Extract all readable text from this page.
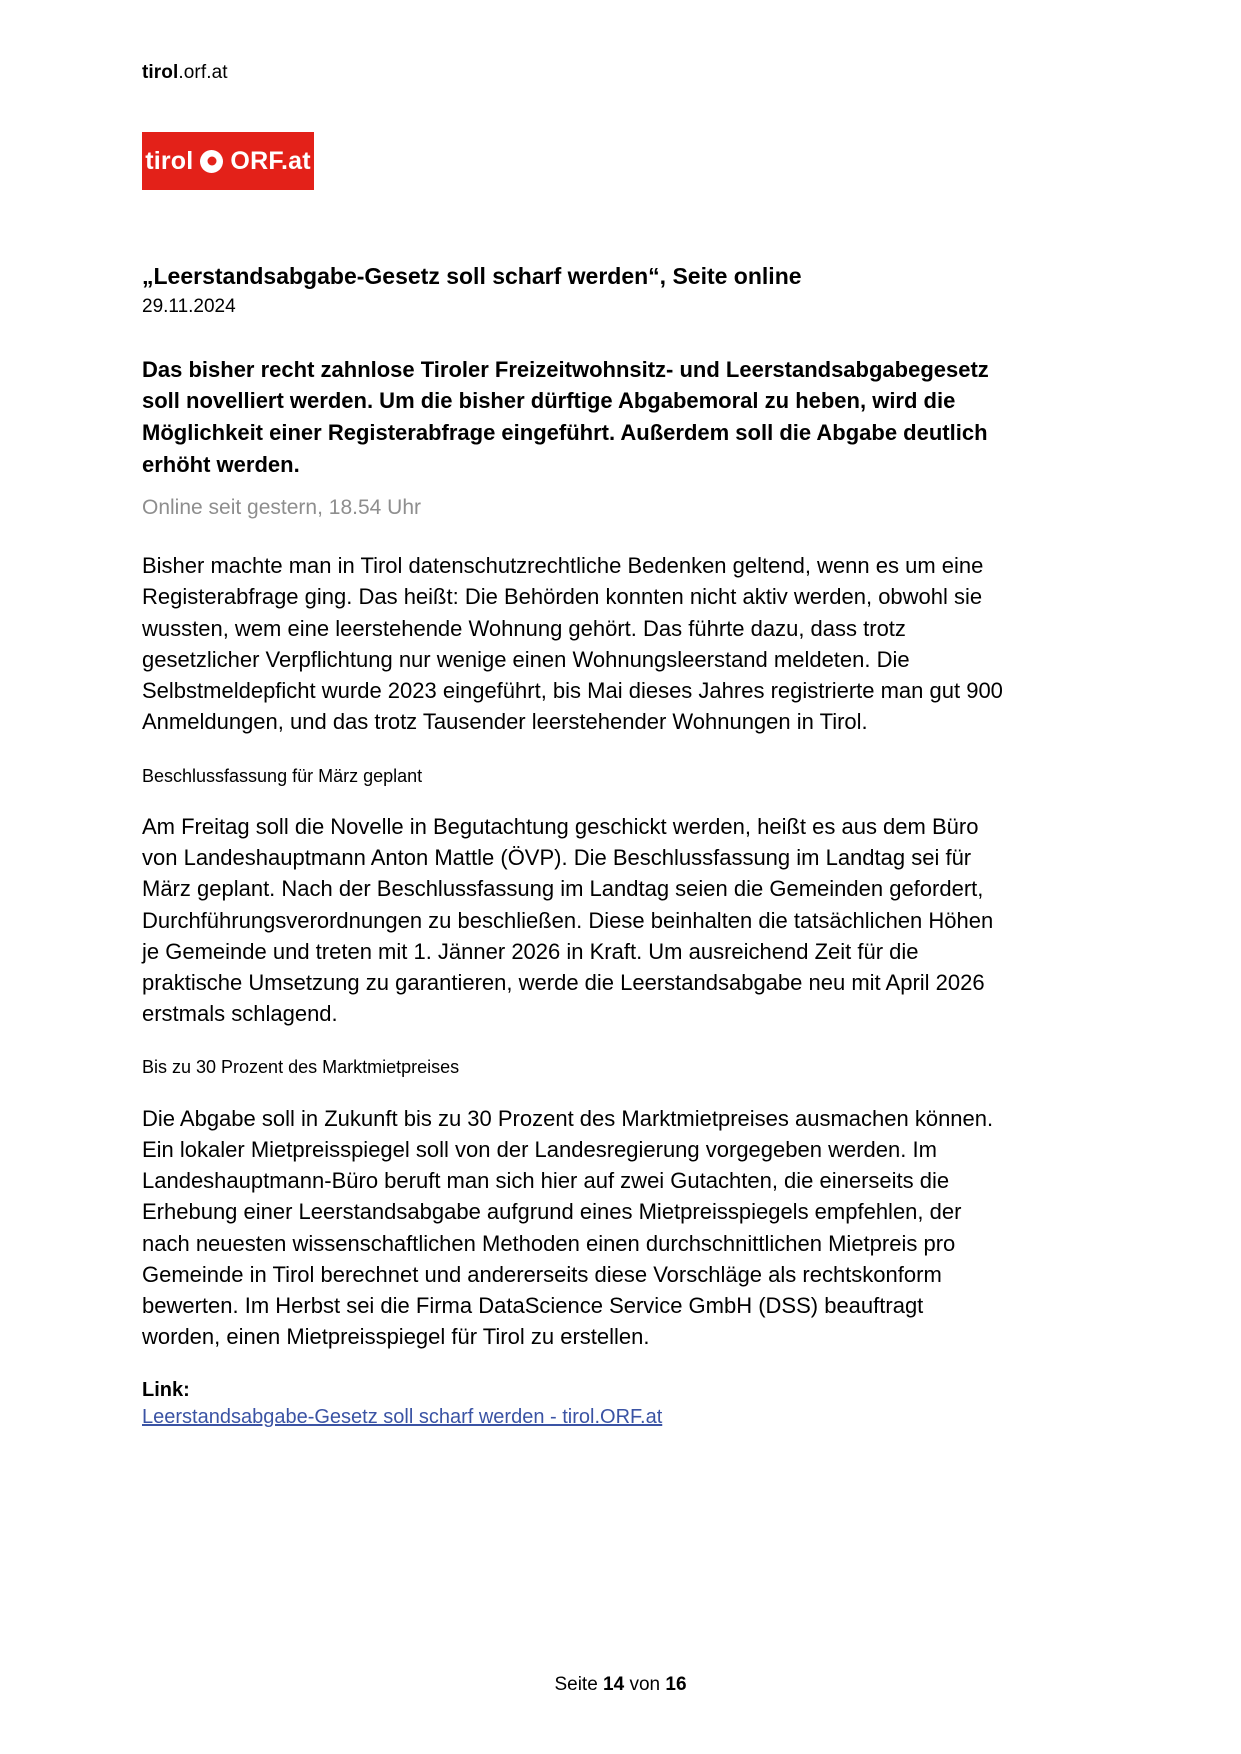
tirol.orf.at
tirol ORF.at
„Leerstandsabgabe-Gesetz soll scharf werden“, Seite online
29.11.2024

Das bisher recht zahnlose Tiroler Freizeitwohnsitz- und Leerstandsabgabegesetz soll novelliert werden. Um die bisher dürftige Abgabemoral zu heben, wird die Möglichkeit einer Registerabfrage eingeführt. Außerdem soll die Abgabe deutlich erhöht werden.

Online seit gestern, 18.54 Uhr

Bisher machte man in Tirol datenschutzrechtliche Bedenken geltend, wenn es um eine Registerabfrage ging. Das heißt: Die Behörden konnten nicht aktiv werden, obwohl sie wussten, wem eine leerstehende Wohnung gehört. Das führte dazu, dass trotz gesetzlicher Verpflichtung nur wenige einen Wohnungsleerstand meldeten. Die Selbstmeldepficht wurde 2023 eingeführt, bis Mai dieses Jahres registrierte man gut 900 Anmeldungen, und das trotz Tausender leerstehender Wohnungen in Tirol.

Beschlussfassung für März geplant

Am Freitag soll die Novelle in Begutachtung geschickt werden, heißt es aus dem Büro von Landeshauptmann Anton Mattle (ÖVP). Die Beschlussfassung im Landtag sei für März geplant. Nach der Beschlussfassung im Landtag seien die Gemeinden gefordert, Durchführungsverordnungen zu beschließen. Diese beinhalten die tatsächlichen Höhen je Gemeinde und treten mit 1. Jänner 2026 in Kraft. Um ausreichend Zeit für die praktische Umsetzung zu garantieren, werde die Leerstandsabgabe neu mit April 2026 erstmals schlagend.

Bis zu 30 Prozent des Marktmietpreises

Die Abgabe soll in Zukunft bis zu 30 Prozent des Marktmietpreises ausmachen können. Ein lokaler Mietpreisspiegel soll von der Landesregierung vorgegeben werden. Im Landeshauptmann-Büro beruft man sich hier auf zwei Gutachten, die einerseits die Erhebung einer Leerstandsabgabe aufgrund eines Mietpreisspiegels empfehlen, der nach neuesten wissenschaftlichen Methoden einen durchschnittlichen Mietpreis pro Gemeinde in Tirol berechnet und andererseits diese Vorschläge als rechtskonform bewerten. Im Herbst sei die Firma DataScience Service GmbH (DSS) beauftragt worden, einen Mietpreisspiegel für Tirol zu erstellen.

Link:
Leerstandsabgabe-Gesetz soll scharf werden - tirol.ORF.at
Seite 14 von 16
